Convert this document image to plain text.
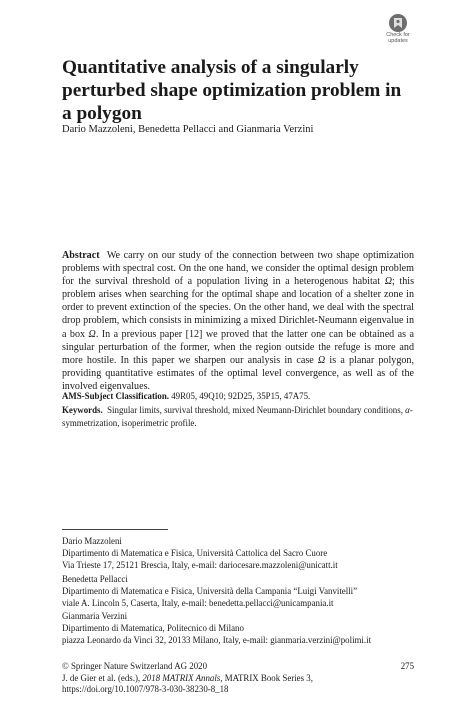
Check for
updates
Quantitative analysis of a singularly perturbed shape optimization problem in a polygon
Dario Mazzoleni, Benedetta Pellacci and Gianmaria Verzini

Abstract We carry on our study of the connection between two shape optimization problems with spectral cost. On the one hand, we consider the optimal design problem for the survival threshold of a population living in a heterogenous habitat Ω; this problem arises when searching for the optimal shape and location of a shelter zone in order to prevent extinction of the species. On the other hand, we deal with the spectral drop problem, which consists in minimizing a mixed Dirichlet-Neumann eigenvalue in a box Ω. In a previous paper [12] we proved that the latter one can be obtained as a singular perturbation of the former, when the region outside the refuge is more and more hostile. In this paper we sharpen our analysis in case Ω is a planar polygon, providing quantitative estimates of the optimal level convergence, as well as of the involved eigenvalues.

AMS-Subject Classification. 49R05, 49Q10; 92D25, 35P15, 47A75.
Keywords. Singular limits, survival threshold, mixed Neumann-Dirichlet boundary conditions, α-symmetrization, isoperimetric profile.
Dario Mazzoleni
Dipartimento di Matematica e Fisica, Università Cattolica del Sacro Cuore
Via Trieste 17, 25121 Brescia, Italy, e-mail: dariocesare.mazzoleni@unicatt.it
Benedetta Pellacci
Dipartimento di Matematica e Fisica, Università della Campania “Luigi Vanvitelli”
viale A. Lincoln 5, Caserta, Italy, e-mail: benedetta.pellacci@unicampania.it
Gianmaria Verzini
Dipartimento di Matematica, Politecnico di Milano
piazza Leonardo da Vinci 32, 20133 Milano, Italy, e-mail: gianmaria.verzini@polimi.it
© Springer Nature Switzerland AG 2020
J. de Gier et al. (eds.), 2018 MATRIX Annals, MATRIX Book Series 3,
https://doi.org/10.1007/978-3-030-38230-8_18
275
